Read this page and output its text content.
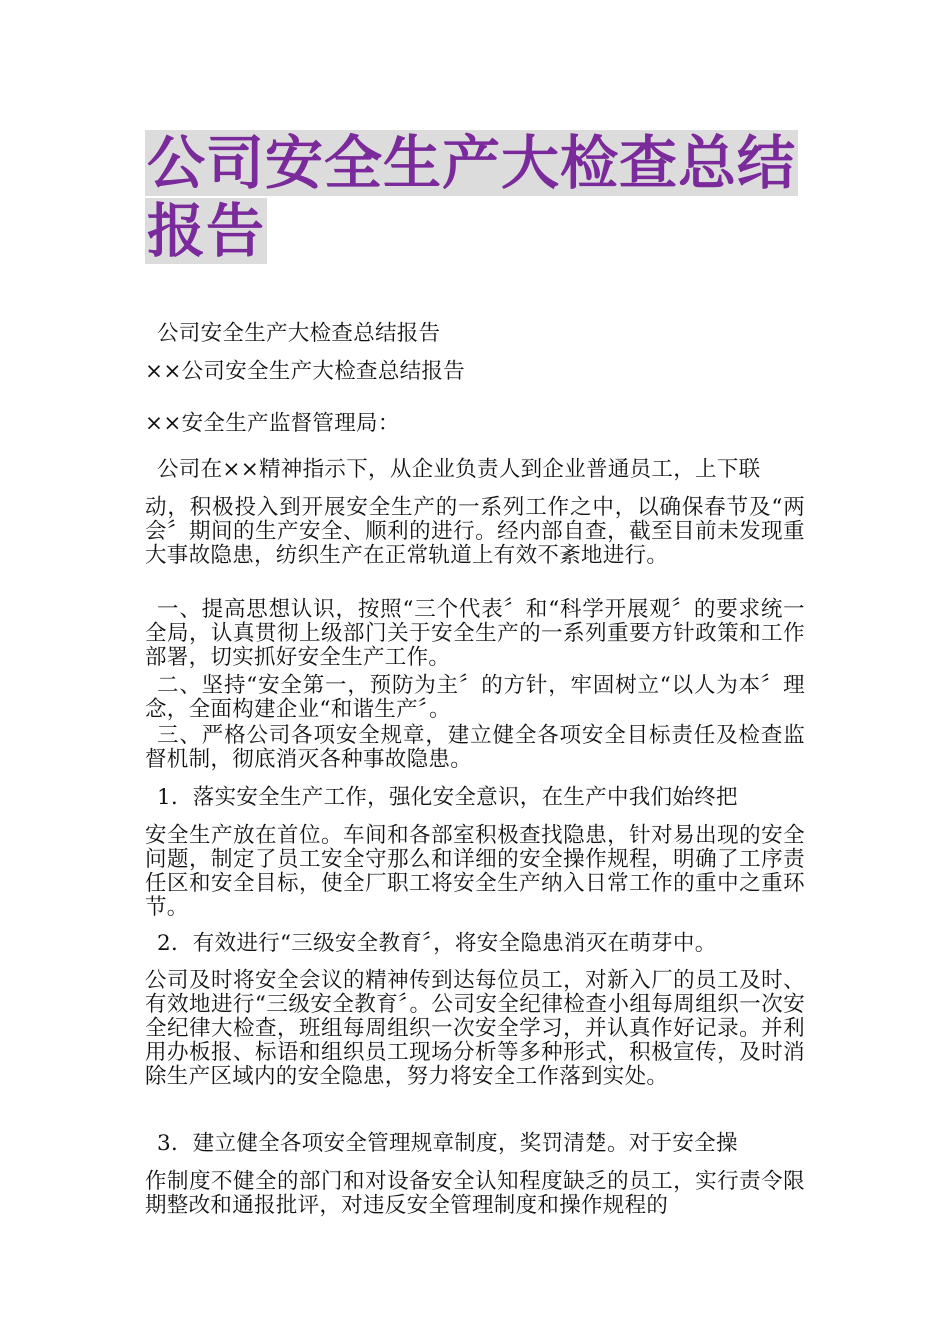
公司安全生产大检查总结
报告

公司安全生产大检查总结报告

××公司安全生产大检查总结报告

××安全生产监督管理局：

公司在××精神指示下，从企业负责人到企业普通员工，上下联

动，积极投入到开展安全生产的一系列工作之中，以确保春节及“两会〞期间的生产安全、顺利的进行。经内部自查，截至目前未发现重大事故隐患，纺织生产在正常轨道上有效不紊地进行。

一、提高思想认识，按照“三个代表〞和“科学开展观〞的要求统一全局，认真贯彻上级部门关于安全生产的一系列重要方针政策和工作部署，切实抓好安全生产工作。

二、坚持“安全第一，预防为主〞的方针，牢固树立“以人为本〞理念，全面构建企业“和谐生产〞。

三、严格公司各项安全规章，建立健全各项安全目标责任及检查监督机制，彻底消灭各种事故隐患。

1．落实安全生产工作，强化安全意识，在生产中我们始终把

安全生产放在首位。车间和各部室积极查找隐患，针对易出现的安全问题，制定了员工安全守那么和详细的安全操作规程，明确了工序责任区和安全目标，使全厂职工将安全生产纳入日常工作的重中之重环节。

2．有效进行“三级安全教育〞，将安全隐患消灭在萌芽中。

公司及时将安全会议的精神传到达每位员工，对新入厂的员工及时、有效地进行“三级安全教育〞。公司安全纪律检查小组每周组织一次安全纪律大检查，班组每周组织一次安全学习，并认真作好记录。并利用办板报、标语和组织员工现场分析等多种形式，积极宣传，及时消除生产区域内的安全隐患，努力将安全工作落到实处。

3．建立健全各项安全管理规章制度，奖罚清楚。对于安全操

作制度不健全的部门和对设备安全认知程度缺乏的员工，实行责令限期整改和通报批评，对违反安全管理制度和操作规程的
